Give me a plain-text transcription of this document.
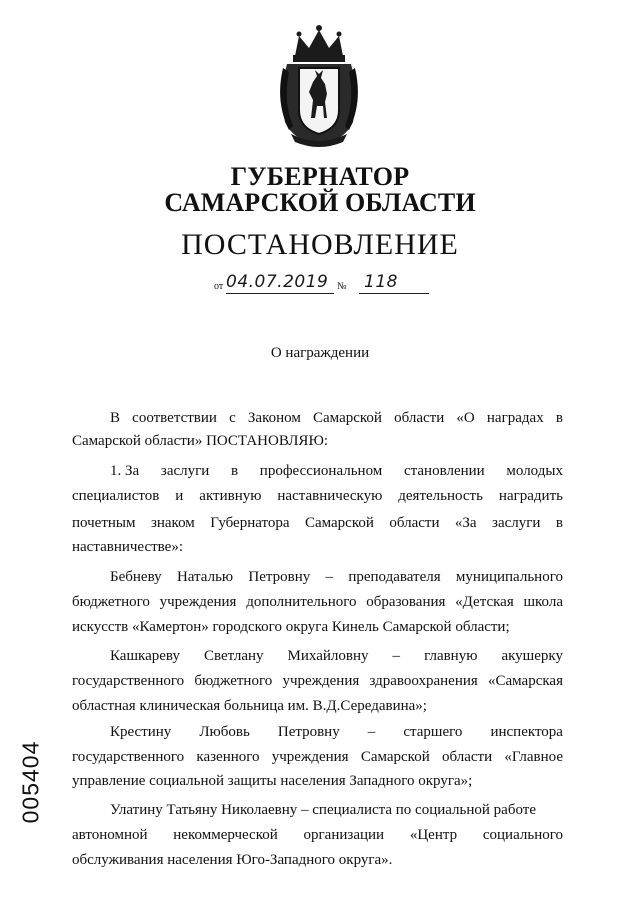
ГУБЕРНАТОР
САМАРСКОЙ ОБЛАСТИ
ПОСТАНОВЛЕНИЕ
от 04.07.2019 № 118
О награждении
В соответствии с Законом Самарской области «О наградах в
Самарской области» ПОСТАНОВЛЯЮ:
1. За заслуги в профессиональном становлении молодых
специалистов и активную наставническую деятельность наградить
почетным знаком Губернатора Самарской области «За заслуги в
наставничестве»:
Бебневу Наталью Петровну – преподавателя муниципального
бюджетного учреждения дополнительного образования «Детская школа
искусств «Камертон» городского округа Кинель Самарской области;
Кашкареву Светлану Михайловну – главную акушерку
государственного бюджетного учреждения здравоохранения «Самарская
областная клиническая больница им. В.Д.Середавина»;
Крестину Любовь Петровну – старшего инспектора
государственного казенного учреждения Самарской области «Главное
управление социальной защиты населения Западного округа»;
Улатину Татьяну Николаевну – специалиста по социальной работе
автономной некоммерческой организации «Центр социального
обслуживания населения Юго-Западного округа».
005404
